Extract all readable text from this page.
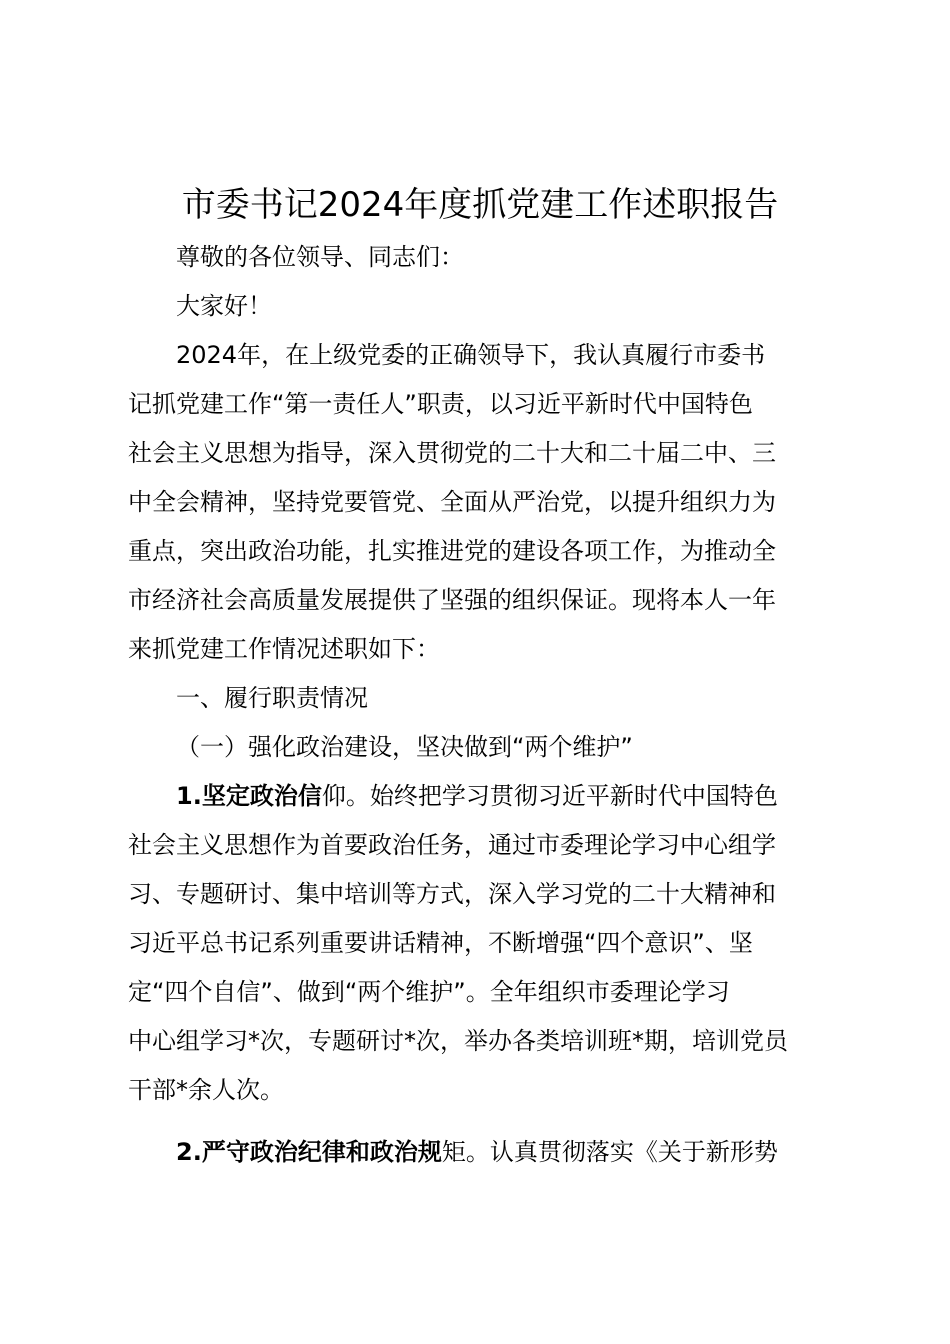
市委书记2024年度抓党建工作述职报告

尊敬的各位领导、同志们：

大家好！

2024年，在上级党委的正确领导下，我认真履行市委书
记抓党建工作“第一责任人”职责，以习近平新时代中国特色
社会主义思想为指导，深入贯彻党的二十大和二十届二中、三
中全会精神，坚持党要管党、全面从严治党，以提升组织力为
重点，突出政治功能，扎实推进党的建设各项工作，为推动全
市经济社会高质量发展提供了坚强的组织保证。现将本人一年
来抓党建工作情况述职如下：

一、履行职责情况

（一）强化政治建设，坚决做到“两个维护”

1.坚定政治信仰。始终把学习贯彻习近平新时代中国特色
社会主义思想作为首要政治任务，通过市委理论学习中心组学
习、专题研讨、集中培训等方式，深入学习党的二十大精神和
习近平总书记系列重要讲话精神，不断增强“四个意识”、坚
定“四个自信”、做到“两个维护”。全年组织市委理论学习
中心组学习*次，专题研讨*次，举办各类培训班*期，培训党员
干部*余人次。

2.严守政治纪律和政治规矩。认真贯彻落实《关于新形势
